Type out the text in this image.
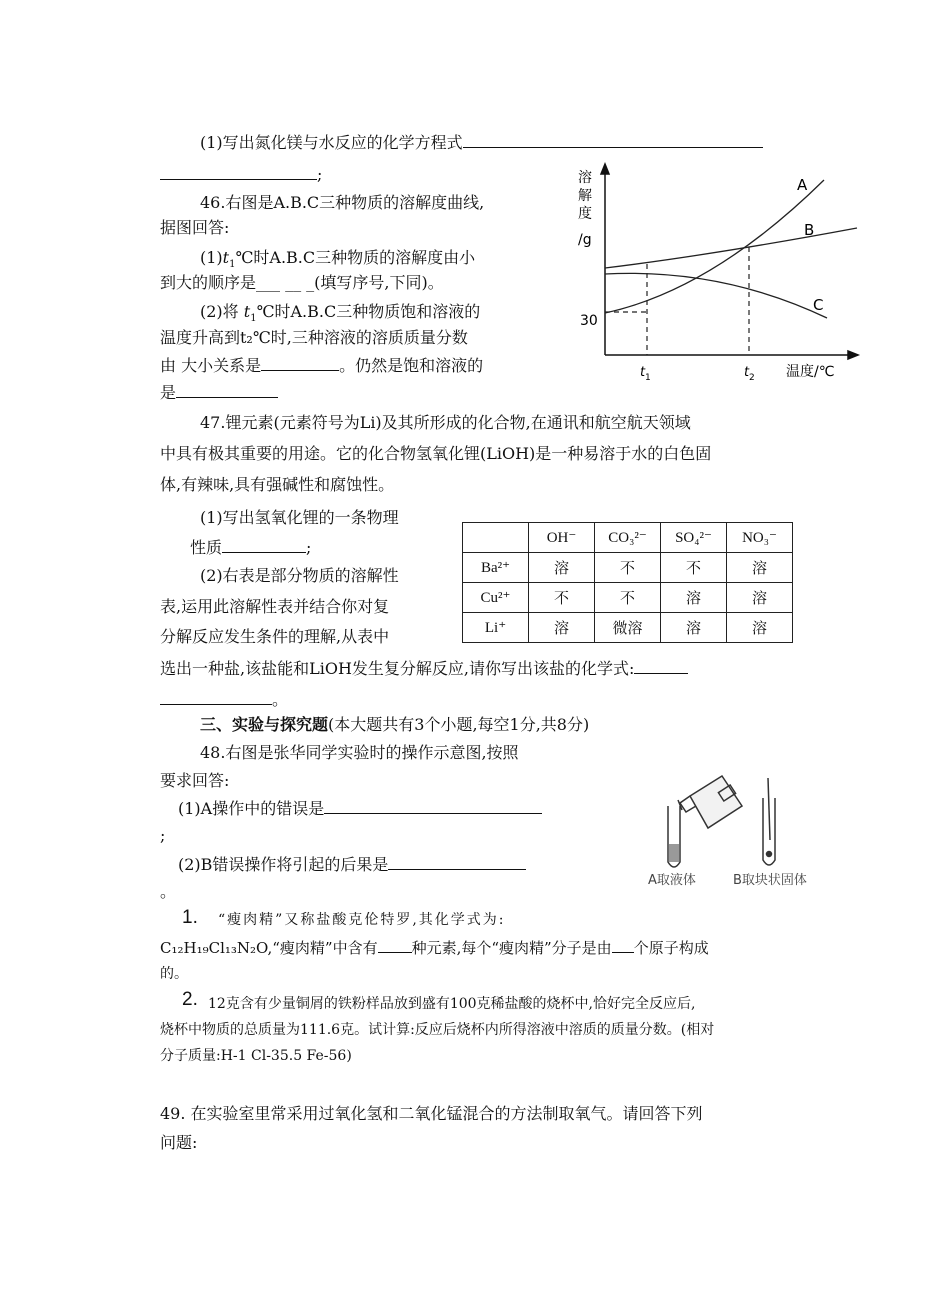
(1)写出氮化镁与水反应的化学方程式
;
46.右图是A.B.C三种物质的溶解度曲线,
据图回答:
$(1)t_1℃$时A.B.C三种物质的溶解度由小
到大的顺序是___ __ _(填写序号,下同)。
(2)将 $t_1℃$时A.B.C三种物质饱和溶液的
温度升高到t₂℃时,三种溶液的溶质质量分数
由 大小关系是	。仍然是饱和溶液的
是
溶
解
度
/g
30
t 1	t 2 温度/℃
A
B
C
47.锂元素(元素符号为Li)及其所形成的化合物,在通讯和航空航天领域
中具有极其重要的用途。它的化合物氢氧化锂(LiOH)是一种易溶于水的白色固
体,有辣味,具有强碱性和腐蚀性。
(1)写出氢氧化锂的一条物理
性质	;
(2)右表是部分物质的溶解性
表,运用此溶解性表并结合你对复
分解反应发生条件的理解,从表中
选出一种盐,该盐能和LiOH发生复分解反应,请你写出该盐的化学式:
。
	OH⁻	CO₃²⁻	SO₄²⁻	NO₃⁻
Ba²⁺	溶	不	不	溶
Cu²⁺	不	不	溶	溶
Li⁺	溶	微溶	溶	溶
三、实验与探究题(本大题共有3个小题,每空1分,共8分)
48.右图是张华同学实验时的操作示意图,按照
要求回答:
(1)A操作中的错误是
;
(2)B错误操作将引起的后果是
。
A取液体	B取块状固体
1. “瘦肉精”又称盐酸克伦特罗,其化学式为:
C₁₂H₁₉Cl₁₃N₂O,“瘦肉精”中含有 种元素,每个“瘦肉精”分子是由 个原子构成
的。
2. 12克含有少量铜屑的铁粉样品放到盛有100克稀盐酸的烧杯中,恰好完全反应后,
烧杯中物质的总质量为111.6克。试计算:反应后烧杯内所得溶液中溶质的质量分数。(相对
分子质量:H-1 Cl-35.5 Fe-56)
49. 在实验室里常采用过氧化氢和二氧化锰混合的方法制取氧气。请回答下列
问题:
